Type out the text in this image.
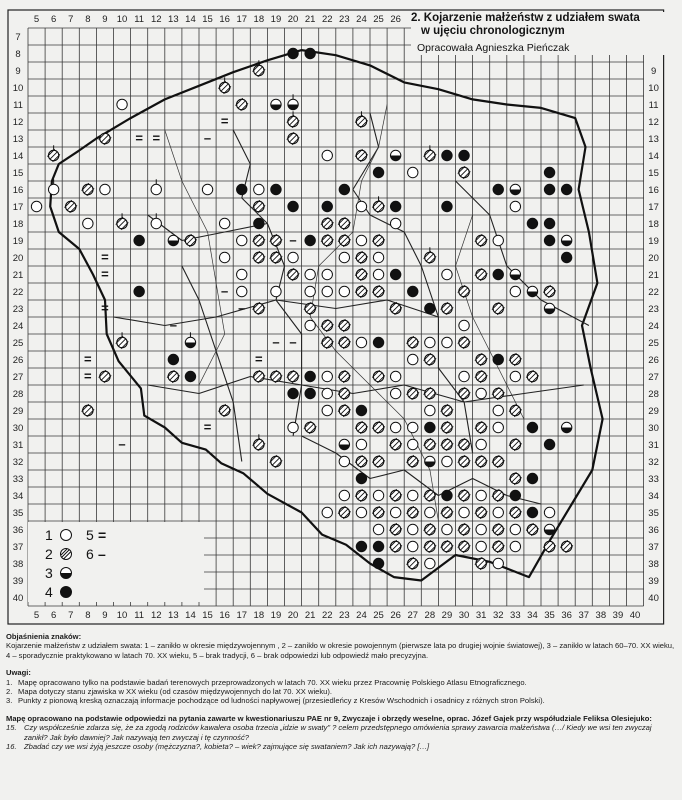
5 6 7 8 9 10 11 12 13 14 15 16 17 18 19 20 21 22 23 24 25 26
5 6 7 8 9 10 11 12 13 14 15 16 17 18 19 20 21 22 23 24 25 26 27 28 29 30 31 32 33 34 35 36 37 38 39 40
7
8
9
10
11
12
13
14
15
16
17
18
19
20
21
22
23
24
25
26
27
28
29
30
31
32
33
34
35
36
37
38
39
40
9
10
11
12
13
14
15
16
17
18
19
20
21
22
23
24
25
26
27
28
29
30
31
32
33
34
35
36
37
38
39
40
= =	–
=
=
=
–
=
=
=
–
=
–
–
–
– –
=
2. Kojarzenie małżeństw z udziałem swata
w ujęciu chronologicznym
Opracowała Agnieszka Pieńczak
1
2
3
4
5 =
6 –

Objaśnienia znaków:

Kojarzenie małżeństw z udziałem swata: 1 – zanikło w okresie międzywojennym , 2 – zanikło w okresie powojennym (pierwsze lata po drugiej wojnie światowej), 3 – zanikło w latach 60–70. XX wieku, 4 – sporadycznie praktykowano w latach 70. XX wieku, 5 – brak tradycji, 6 – brak odpowiedzi lub odpowiedź mało precyzyjna.

Uwagi:

1. Mapę opracowano tylko na podstawie badań terenowych przeprowadzonych w latach 70. XX wieku przez Pracownię Polskiego Atlasu Etnograficznego.
2. Mapa dotyczy stanu zjawiska w XX wieku (od czasów międzywojennych do lat 70. XX wieku).
3. Punkty z pionową kreską oznaczają informacje pochodzące od ludności napływowej (przesiedleńcy z Kresów Wschodnich i osadnicy z różnych stron Polski).

Mapę opracowano na podstawie odpowiedzi na pytania zawarte w kwestionariuszu PAE nr 9, Zwyczaje i obrzędy weselne, oprac. Józef Gajek przy współudziale Feliksa Olesiejuko:

15. Czy współcześnie zdarza się, że za zgodą rodziców kawalera osoba trzecia „idzie w swaty” ? celem przedstępnego omówienia sprawy zawarcia małżeństwa (…/ Kiedy we wsi ten zwyczaj zanikł? Jak było dawniej? Jak nazywają ten zwyczaj i tę czynność?
16. Zbadać czy we wsi żyją jeszcze osoby (mężczyzna?, kobieta? – wiek? zajmujące się swataniem? Jak ich nazywają? […]
